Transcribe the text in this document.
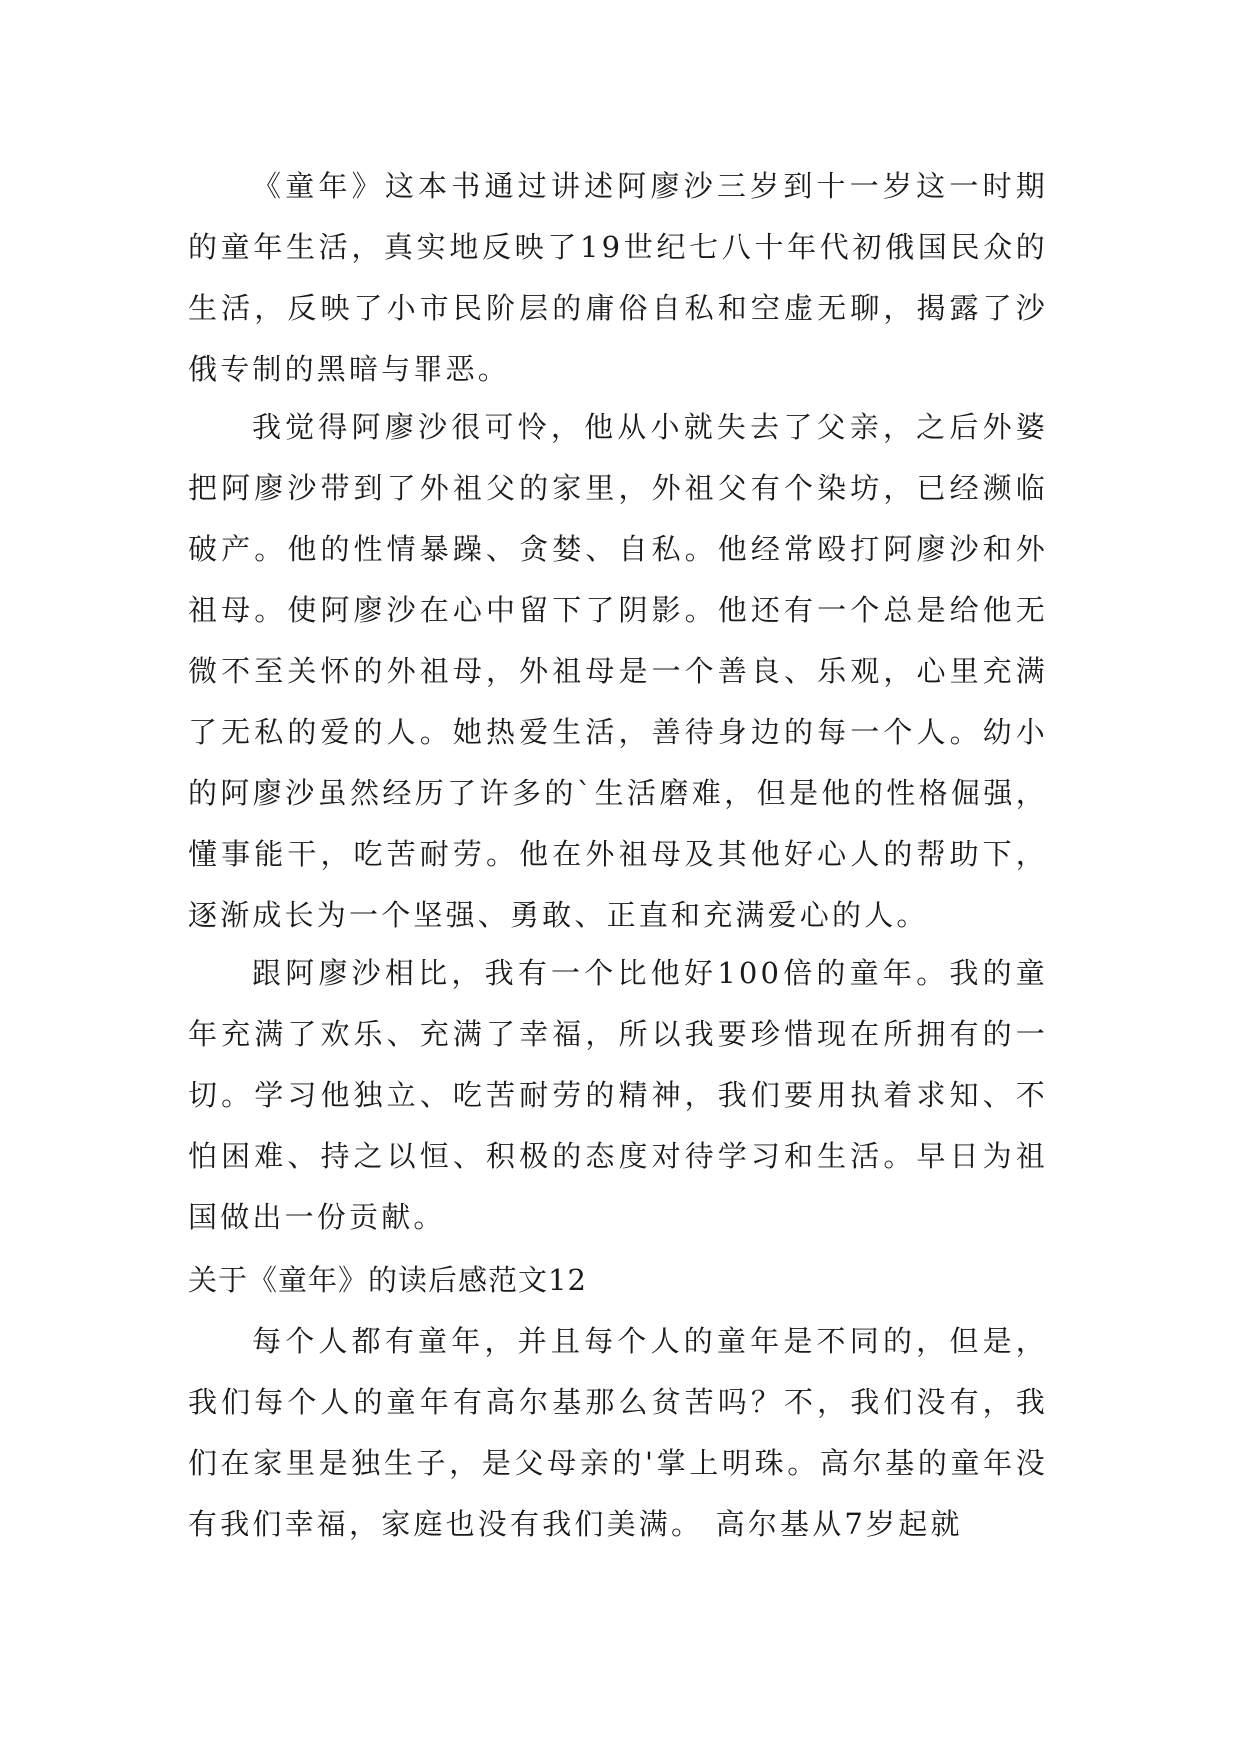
《童年》这本书通过讲述阿廖沙三岁到十一岁这一时期的童年生活，真实地反映了19世纪七八十年代初俄国民众的生活，反映了小市民阶层的庸俗自私和空虚无聊，揭露了沙俄专制的黑暗与罪恶。

我觉得阿廖沙很可怜，他从小就失去了父亲，之后外婆把阿廖沙带到了外祖父的家里，外祖父有个染坊，已经濒临破产。他的性情暴躁、贪婪、自私。他经常殴打阿廖沙和外祖母。使阿廖沙在心中留下了阴影。他还有一个总是给他无微不至关怀的外祖母，外祖母是一个善良、乐观，心里充满了无私的爱的人。她热爱生活，善待身边的每一个人。幼小的阿廖沙虽然经历了许多的`生活磨难，但是他的性格倔强，懂事能干，吃苦耐劳。他在外祖母及其他好心人的帮助下，逐渐成长为一个坚强、勇敢、正直和充满爱心的人。

跟阿廖沙相比，我有一个比他好100倍的童年。我的童年充满了欢乐、充满了幸福，所以我要珍惜现在所拥有的一切。学习他独立、吃苦耐劳的精神，我们要用执着求知、不怕困难、持之以恒、积极的态度对待学习和生活。早日为祖国做出一份贡献。

关于《童年》的读后感范文12

每个人都有童年，并且每个人的童年是不同的，但是，我们每个人的童年有高尔基那么贫苦吗？不，我们没有，我们在家里是独生子，是父母亲的'掌上明珠。高尔基的童年没有我们幸福，家庭也没有我们美满。 高尔基从7岁起就
